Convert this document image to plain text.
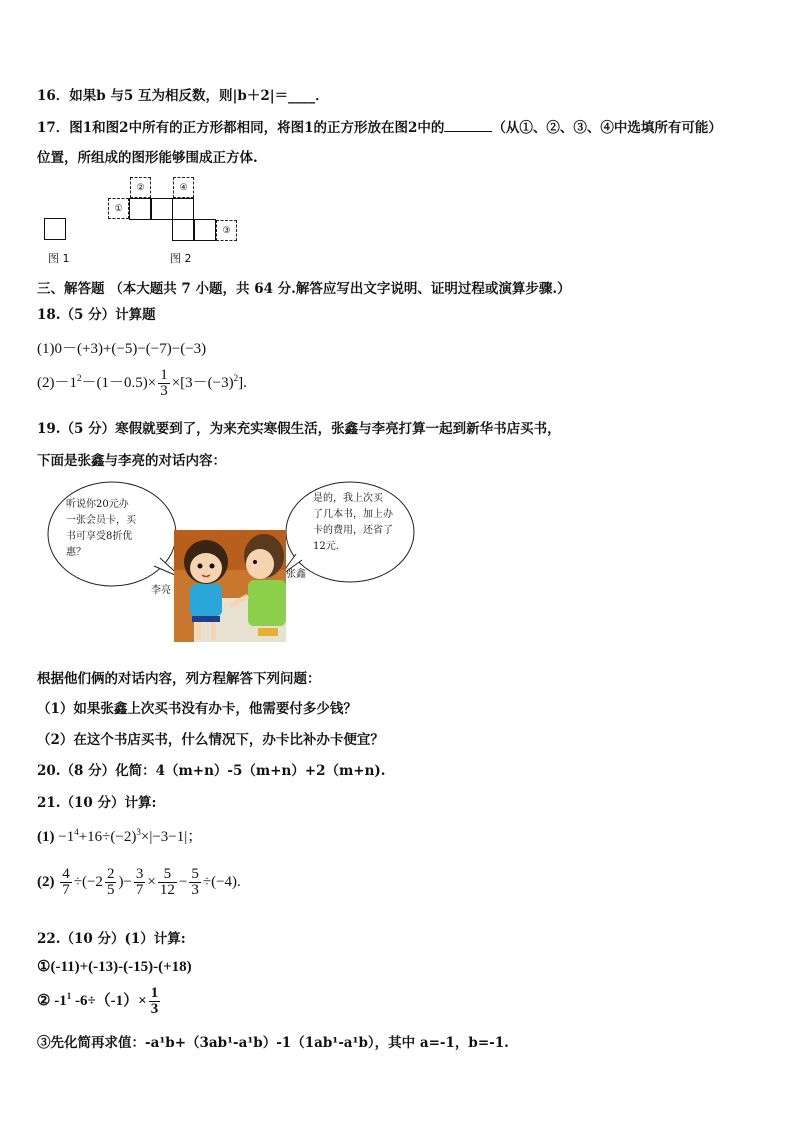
16．如果b 与5 互为相反数，则|b＋2|＝____．
17．图1和图2中所有的正方形都相同，将图1的正方形放在图2中的	（从①、②、③、④中选填所有可能）
位置，所组成的图形能够围成正方体.
图 1
①
②	④
③
图 2
三、解答题 （本大题共 7 小题，共 64 分.解答应写出文字说明、证明过程或演算步骤.）
18.（5 分）计算题
(1)0－(+3)+(−5)−(−7)−(−3)
$(2)-1^2-(1-0.5)\times \frac{1}{3} \times[3-(-3)^2]$.
19.（5 分）寒假就要到了，为来充实寒假生活，张鑫与李亮打算一起到新华书店买书，
下面是张鑫与李亮的对话内容：
听说你20元办
一张会员卡，买
书可享受8折优
惠？
是的，我上次买
了几本书，加上办
卡的费用，还省了
12元.
李亮
张鑫
根据他们俩的对话内容，列方程解答下列问题：
（1）如果张鑫上次买书没有办卡，他需要付多少钱？
（2）在这个书店买书，什么情况下，办卡比补办卡便宜？
20.（8 分）化简：4（m+n）-5（m+n）+2（m+n).
21.（10 分）计算:
$(1) -1^4+16\div(-2)^3\times|-3-1|$；
$(2) \frac{4}{7} \div(-2 \frac{2}{5}$ )− $\frac{3}{7} \times \frac{5}{12} - \frac{5}{3} \div(-4)$.
22.（10 分）(1）计算:
①(-11)+(-13)-(-15)-(+18)
② $-1^1$ $-6\div(-1)\times \frac{1}{3}$
③先化简再求值：-a¹b+（3ab¹-a¹b）-1（1ab¹-a¹b），其中 a=-1，b=-1.
